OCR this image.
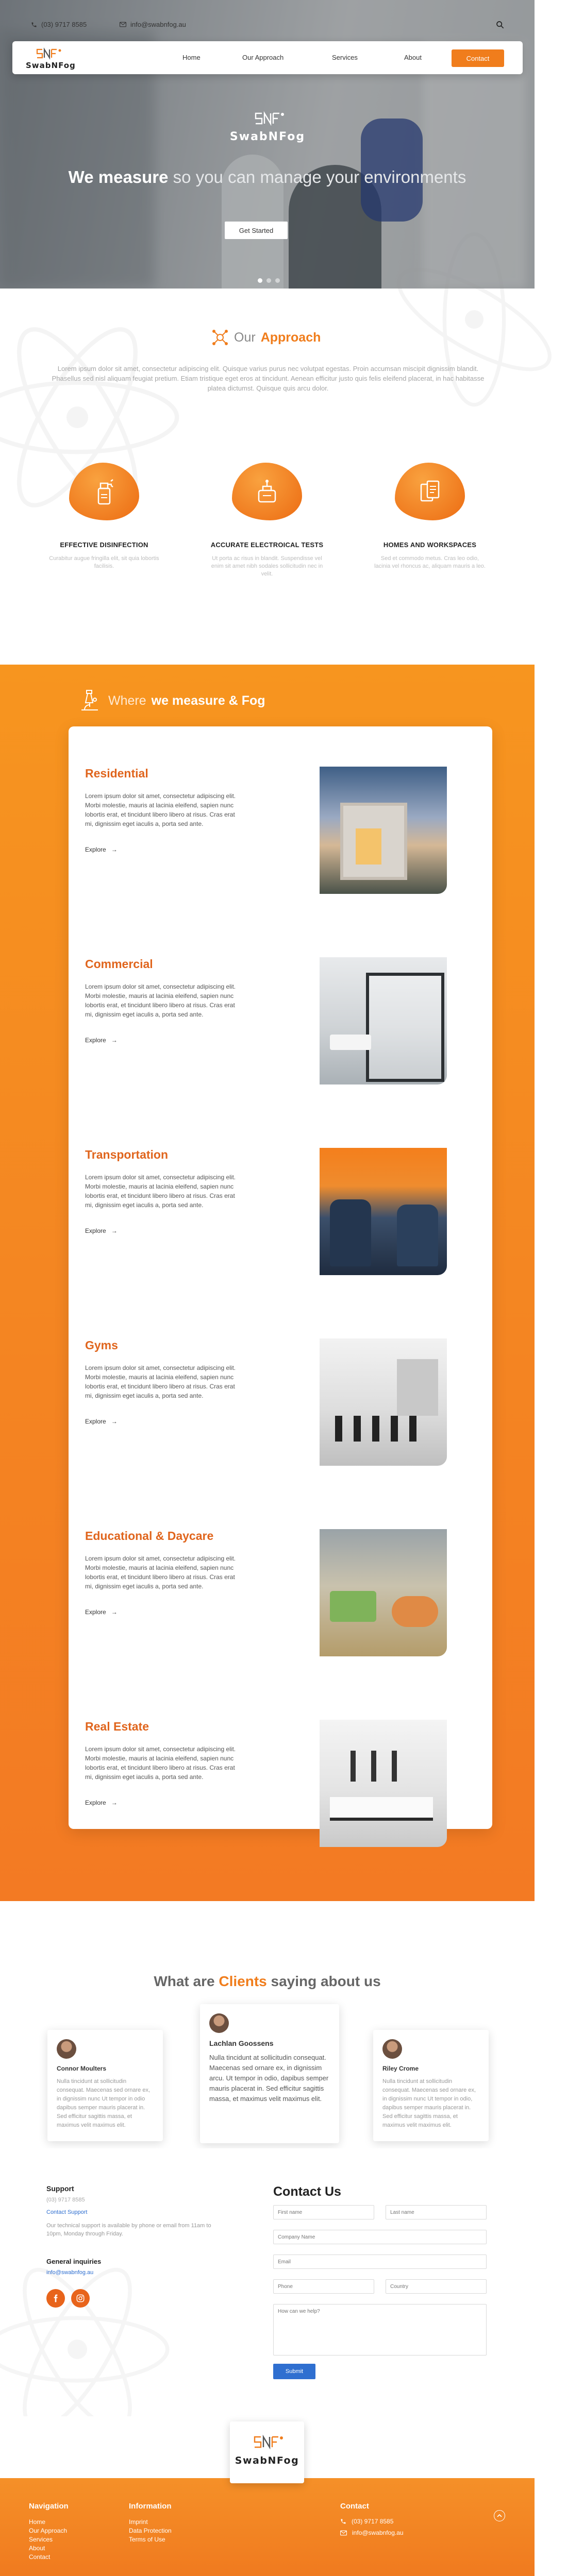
(03) 9717 8585	info@swabnfog.au
SwabNFog
Home	Our Approach	Services	About	Contact
SwabNFog
We measure so you can manage your environments
Get Started
Our Approach

Lorem ipsum dolor sit amet, consectetur adipiscing elit. Quisque varius purus nec volutpat egestas. Proin accumsan miscipit dignissim blandit. Phasellus sed nisl aliquam feugiat pretium. Etiam tristique eget eros at tincidunt. Aenean efficitur justo quis felis eleifend placerat, in hac habitasse platea dictumst. Quisque quis arcu dolor.

EFFECTIVE DISINFECTION
Curabitur augue fringilla elit, sit quia lobortis facilisis.
ACCURATE ELECTROICAL TESTS
Ut porta ac risus in blandit. Suspendisse vel enim sit amet nibh sodales sollicitudin nec in velit.
HOMES AND WORKSPACES
Sed et commodo metus. Cras leo odio, lacinia vel rhoncus ac, aliquam mauris a leo.
Where we measure & Fog
Residential
Lorem ipsum dolor sit amet, consectetur adipiscing elit. Morbi molestie, mauris at lacinia eleifend, sapien nunc lobortis erat, et tincidunt libero libero at risus. Cras erat mi, dignissim eget iaculis a, porta sed ante.
Explore →
Commercial
Lorem ipsum dolor sit amet, consectetur adipiscing elit. Morbi molestie, mauris at lacinia eleifend, sapien nunc lobortis erat, et tincidunt libero libero at risus. Cras erat mi, dignissim eget iaculis a, porta sed ante.
Explore →
Transportation
Lorem ipsum dolor sit amet, consectetur adipiscing elit. Morbi molestie, mauris at lacinia eleifend, sapien nunc lobortis erat, et tincidunt libero libero at risus. Cras erat mi, dignissim eget iaculis a, porta sed ante.
Explore →
Gyms
Lorem ipsum dolor sit amet, consectetur adipiscing elit. Morbi molestie, mauris at lacinia eleifend, sapien nunc lobortis erat, et tincidunt libero libero at risus. Cras erat mi, dignissim eget iaculis a, porta sed ante.
Explore →
Educational & Daycare
Lorem ipsum dolor sit amet, consectetur adipiscing elit. Morbi molestie, mauris at lacinia eleifend, sapien nunc lobortis erat, et tincidunt libero libero at risus. Cras erat mi, dignissim eget iaculis a, porta sed ante.
Explore →
Real Estate
Lorem ipsum dolor sit amet, consectetur adipiscing elit. Morbi molestie, mauris at lacinia eleifend, sapien nunc lobortis erat, et tincidunt libero libero at risus. Cras erat mi, dignissim eget iaculis a, porta sed ante.
Explore →
What are Clients saying about us
Connor Moulters
Nulla tincidunt at sollicitudin consequat. Maecenas sed ornare ex, in dignissim nunc Ut tempor in odio dapibus semper mauris placerat in. Sed efficitur sagittis massa, et maximus velit maximus elit.
Lachlan Goossens
Nulla tincidunt at sollicitudin consequat. Maecenas sed ornare ex, in dignissim arcu. Ut tempor in odio, dapibus semper mauris placerat in. Sed efficitur sagittis massa, et maximus velit maximus elit.
Riley Crome
Nulla tincidunt at sollicitudin consequat. Maecenas sed ornare ex, in dignissim nunc Ut tempor in odio, dapibus semper mauris placerat in. Sed efficitur sagittis massa, et maximus velit maximus elit.
Support
(03) 9717 8585
Contact Support
Our technical support is available by phone or email from 11am to 10pm, Monday through Friday.
General inquiries
info@swabnfog.au
Contact Us
First name
Last name
Company Name
Email
Phone
Country
How can we help?
Submit
SwabNFog
Navigation
Home
Our Approach
Services
About
Contact
Information
Imprint
Data Protection
Terms of Use
Contact
(03) 9717 8585
info@swabnfog.au
